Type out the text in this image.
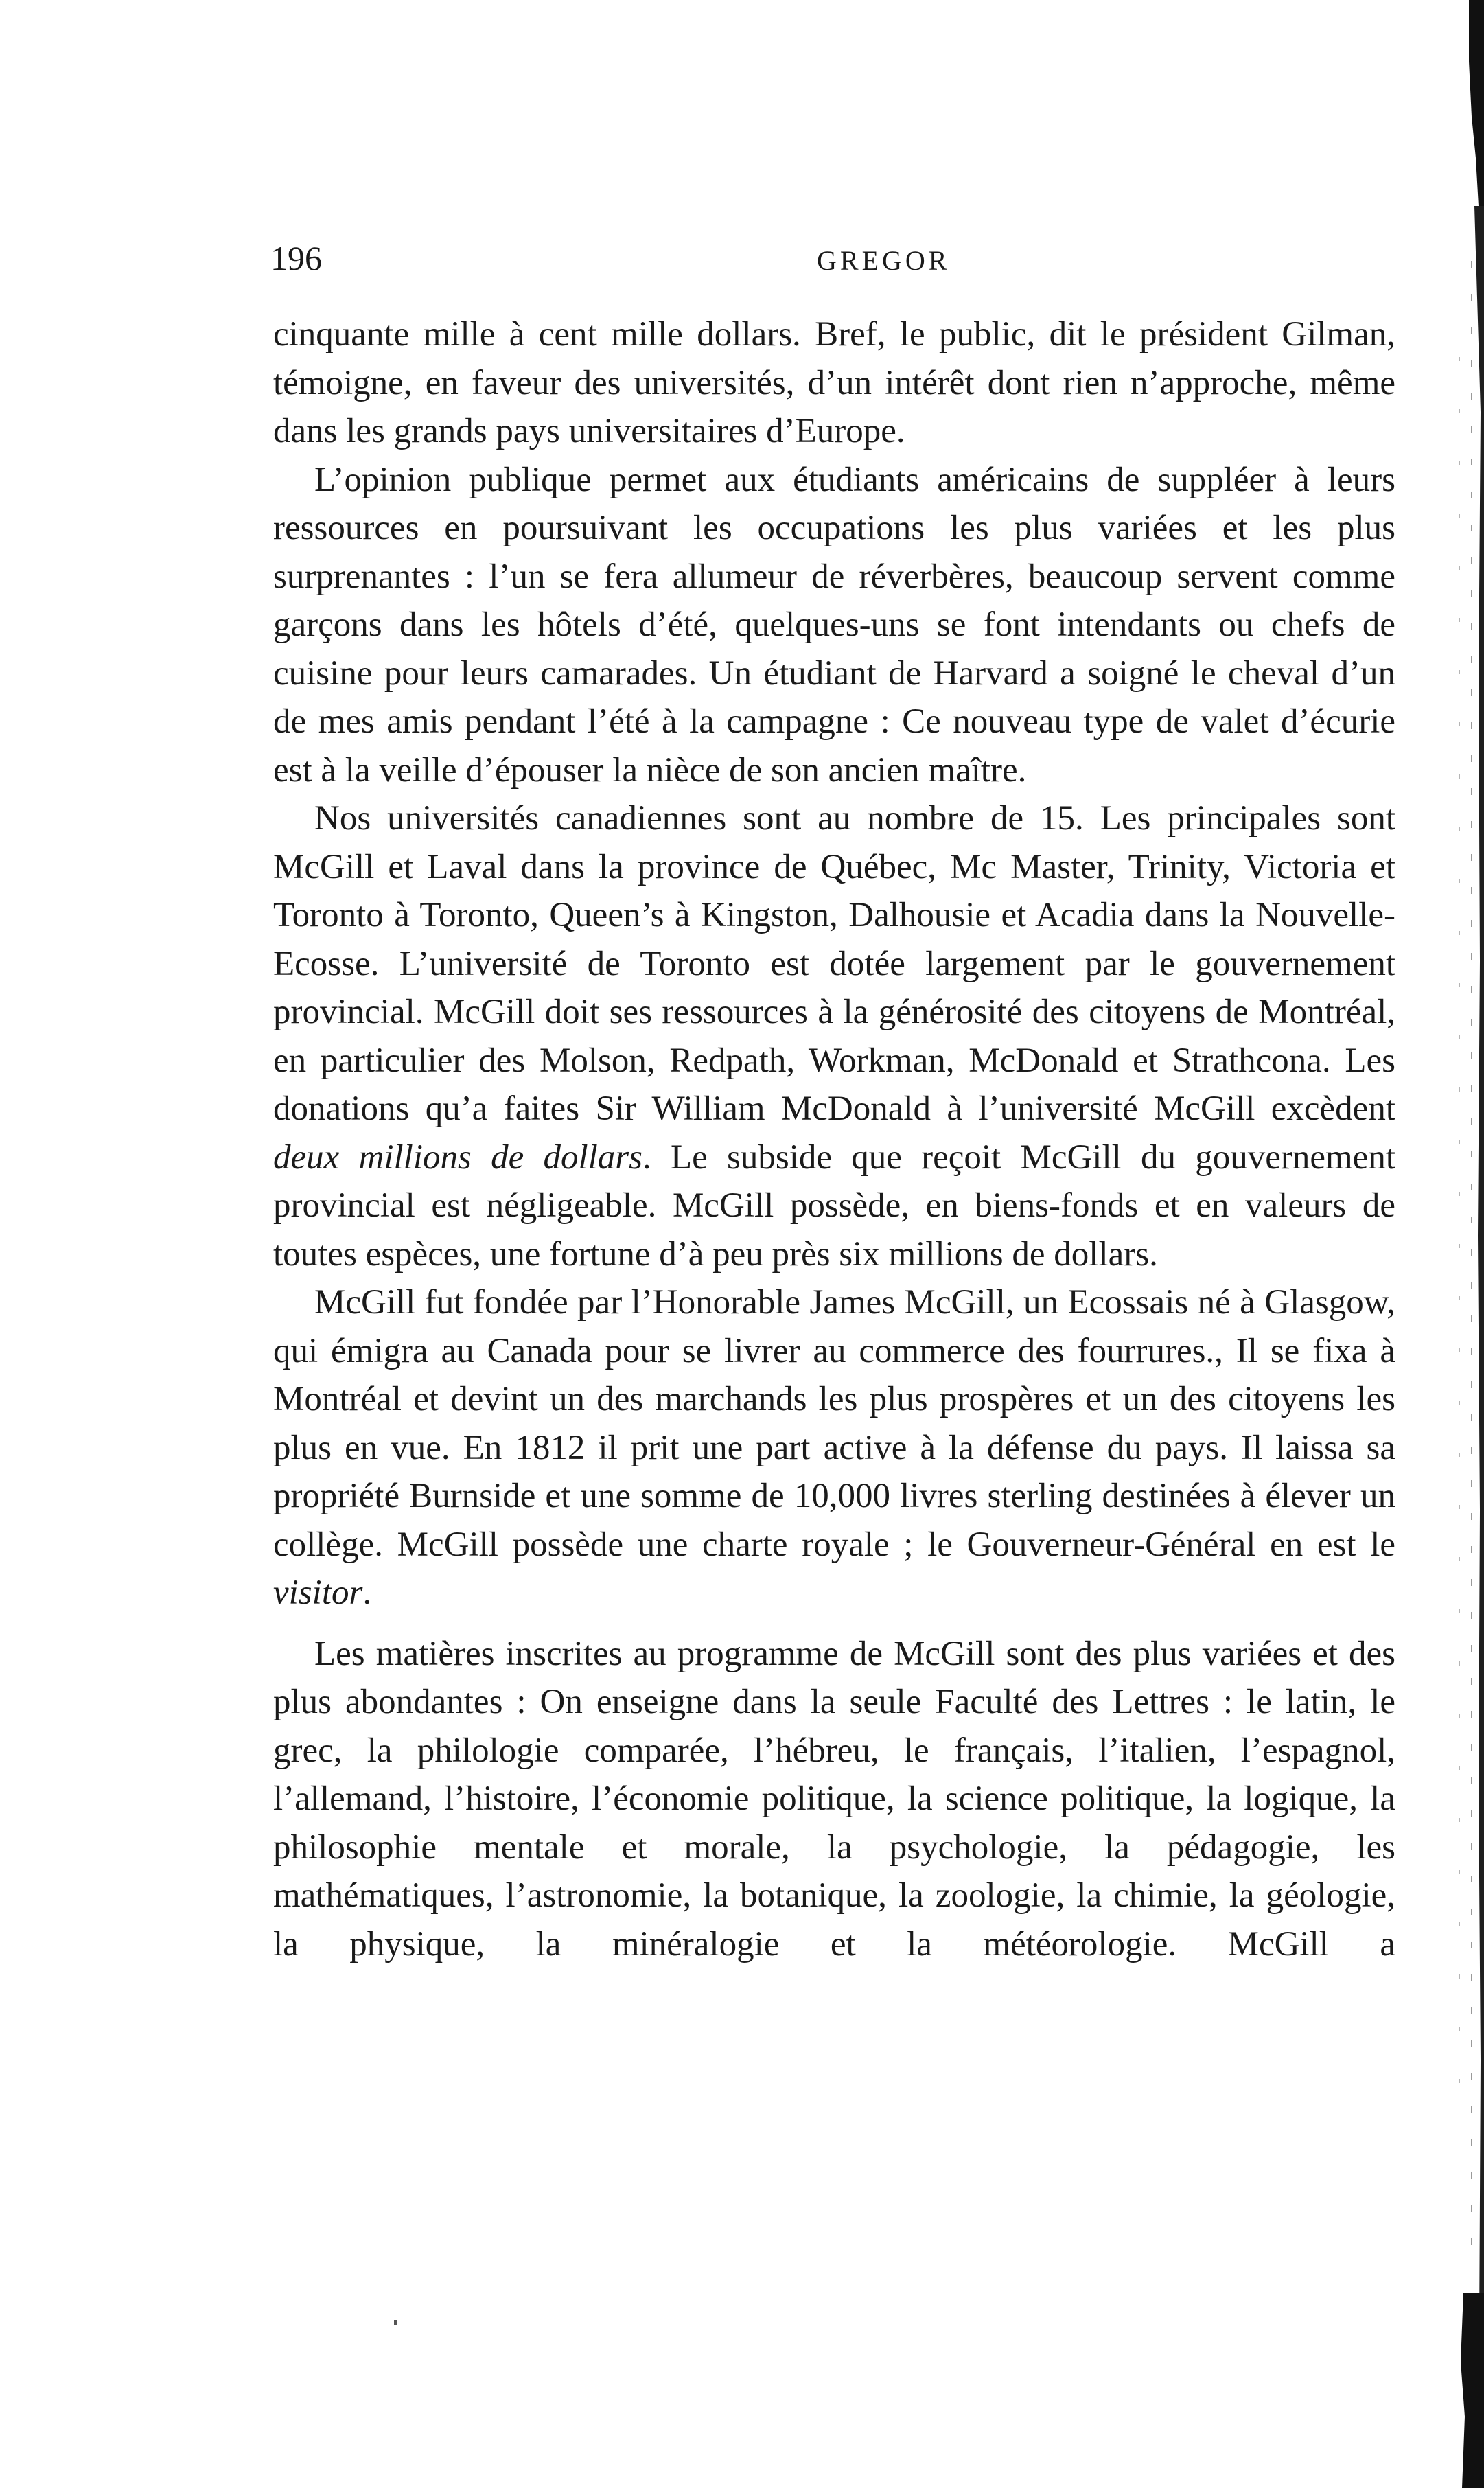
196	GREGOR

cinquante mille à cent mille dollars. Bref, le public, dit le président Gilman, témoigne, en faveur des universités, d’un intérêt dont rien n’approche, même dans les grands pays universitaires d’Europe.

L’opinion publique permet aux étudiants américains de suppléer à leurs ressources en poursuivant les occupations les plus variées et les plus surprenantes : l’un se fera allumeur de réverbères, beaucoup servent comme garçons dans les hôtels d’été, quelques-uns se font intendants ou chefs de cuisine pour leurs camarades. Un étudiant de Harvard a soigné le cheval d’un de mes amis pendant l’été à la campagne : Ce nouveau type de valet d’écurie est à la veille d’épouser la nièce de son ancien maître.

Nos universités canadiennes sont au nombre de 15. Les principales sont McGill et Laval dans la province de Québec, Mc Master, Trinity, Victoria et Toronto à Toronto, Queen’s à Kingston, Dalhousie et Acadia dans la Nouvelle-Ecosse. L’université de Toronto est dotée largement par le gouvernement provincial. McGill doit ses ressources à la générosité des citoyens de Montréal, en particulier des Molson, Redpath, Workman, McDonald et Strathcona. Les donations qu’a faites Sir William McDonald à l’université McGill excèdent deux millions de dollars. Le subside que reçoit McGill du gouvernement provincial est négligeable. McGill possède, en biens-fonds et en valeurs de toutes espèces, une fortune d’à peu près six millions de dollars.

McGill fut fondée par l’Honorable James McGill, un Ecossais né à Glasgow, qui émigra au Canada pour se livrer au commerce des fourrures., Il se fixa à Montréal et devint un des marchands les plus prospères et un des citoyens les plus en vue. En 1812 il prit une part active à la défense du pays. Il laissa sa propriété Burnside et une somme de 10,000 livres sterling destinées à élever un collège. McGill possède une charte royale ; le Gouverneur-Général en est le visitor.

Les matières inscrites au programme de McGill sont des plus variées et des plus abondantes : On enseigne dans la seule Faculté des Lettres : le latin, le grec, la philologie comparée, l’hébreu, le français, l’italien, l’espagnol, l’allemand, l’histoire, l’économie politique, la science politique, la logique, la philosophie mentale et morale, la psychologie, la pédagogie, les mathématiques, l’astronomie, la botanique, la zoologie, la chimie, la géologie, la physique, la minéralogie et la météorologie. McGill a
